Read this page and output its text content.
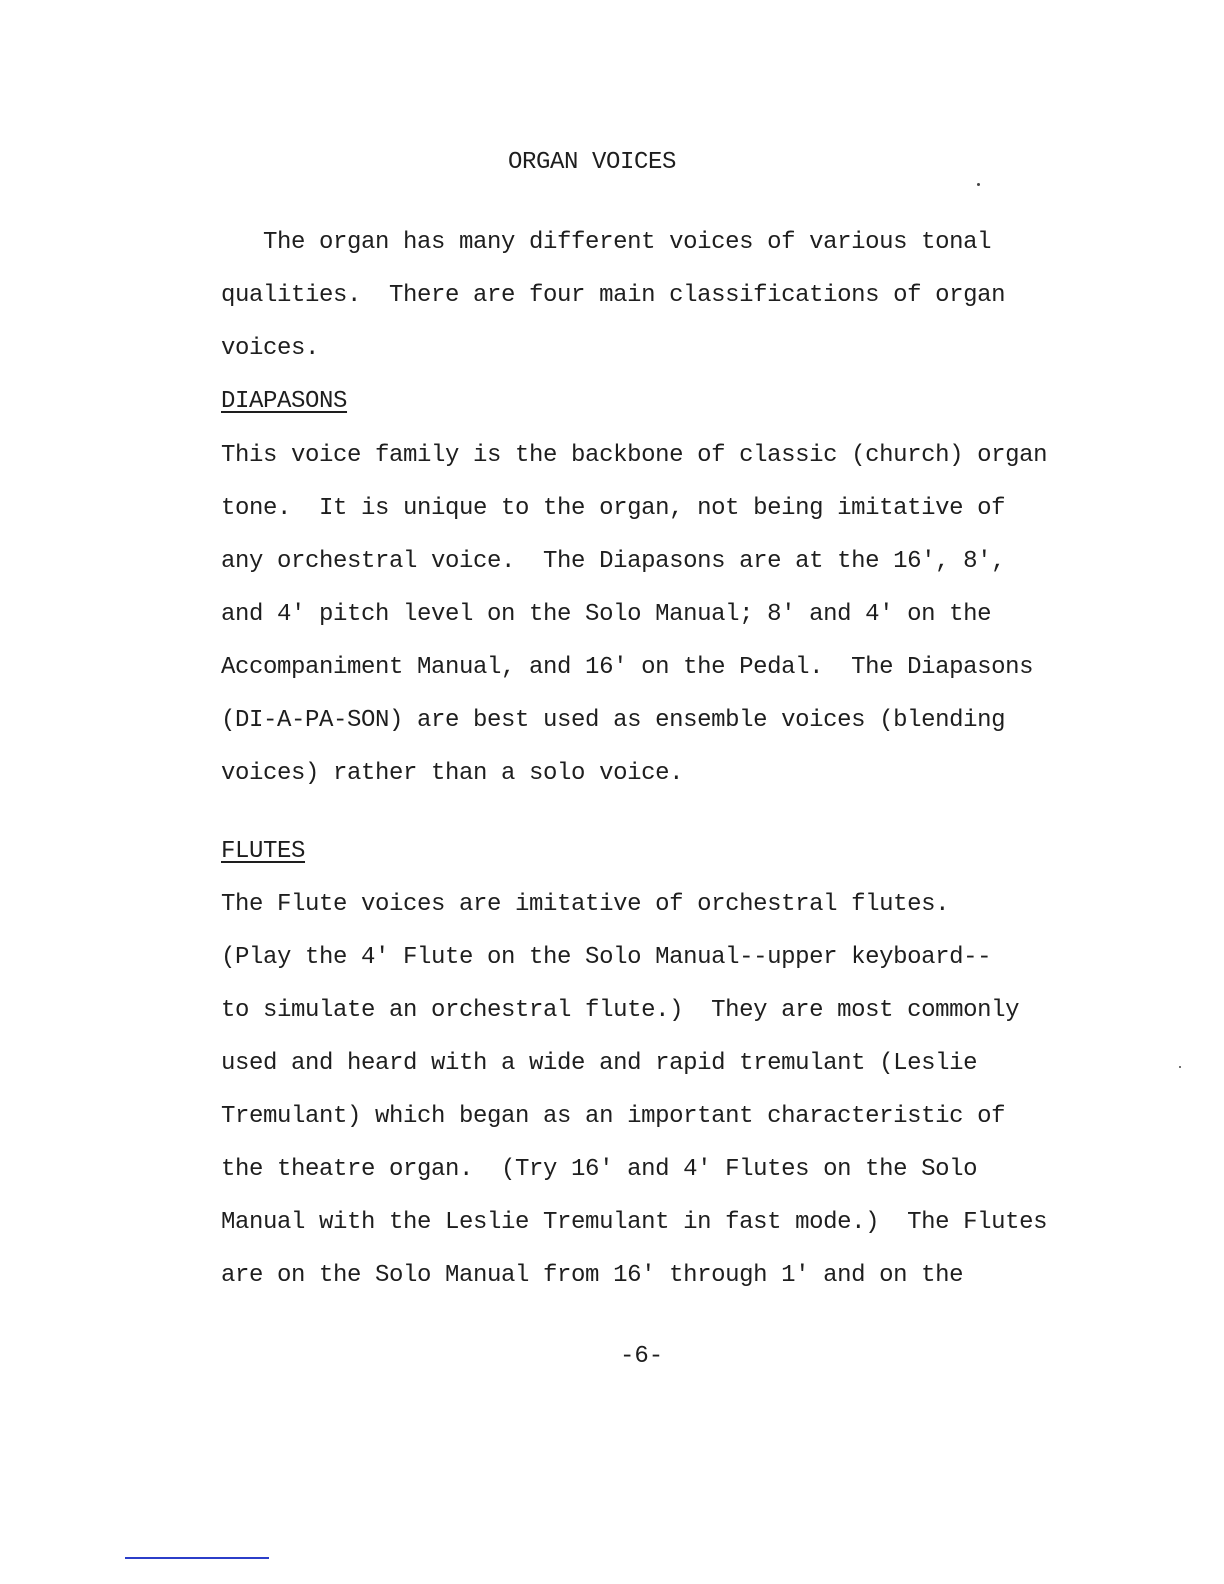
ORGAN VOICES
The organ has many different voices of various tonal
qualities.  There are four main classifications of organ
voices.
DIAPASONS
This voice family is the backbone of classic (church) organ
tone.  It is unique to the organ, not being imitative of
any orchestral voice.  The Diapasons are at the 16', 8',
and 4' pitch level on the Solo Manual; 8' and 4' on the
Accompaniment Manual, and 16' on the Pedal.  The Diapasons
(DI-A-PA-SON) are best used as ensemble voices (blending
voices) rather than a solo voice.
FLUTES
The Flute voices are imitative of orchestral flutes.
(Play the 4' Flute on the Solo Manual--upper keyboard--
to simulate an orchestral flute.)  They are most commonly
used and heard with a wide and rapid tremulant (Leslie
Tremulant) which began as an important characteristic of
the theatre organ.  (Try 16' and 4' Flutes on the Solo
Manual with the Leslie Tremulant in fast mode.)  The Flutes
are on the Solo Manual from 16' through 1' and on the
-6-
